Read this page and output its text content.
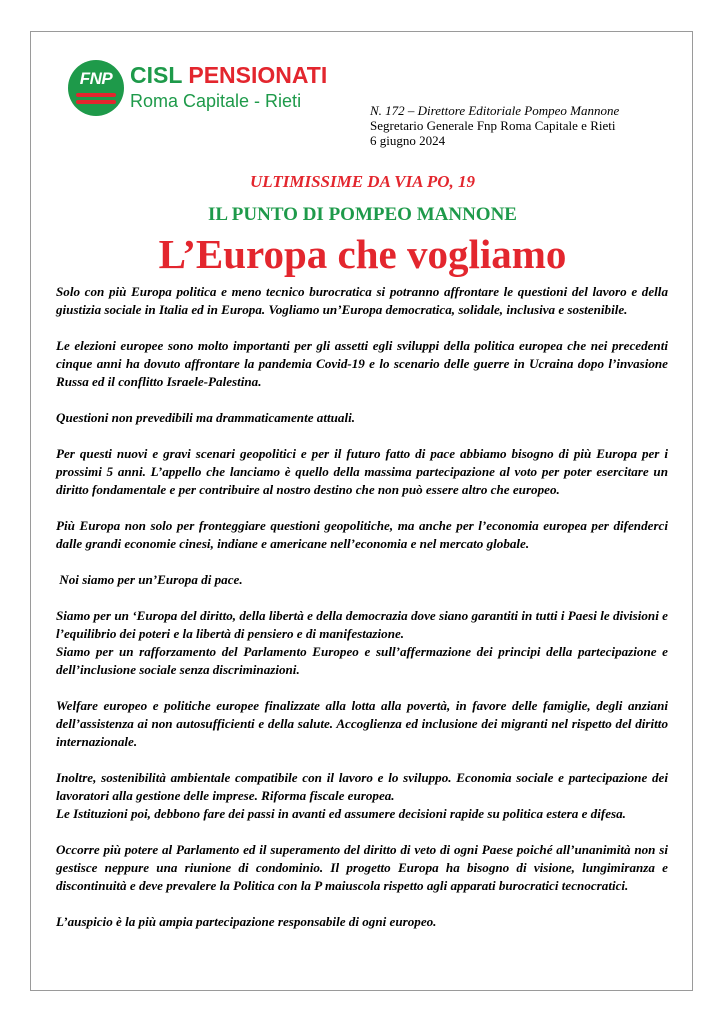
FNP CISL PENSIONATI
Roma Capitale - Rieti	N. 172 – Direttore Editoriale Pompeo Mannone
Segretario Generale Fnp Roma Capitale e Rieti
6 giugno 2024
ULTIMISSIME DA VIA PO, 19
IL PUNTO DI POMPEO MANNONE
L’Europa che vogliamo

Solo con più Europa politica e meno tecnico burocratica si potranno affrontare le questioni del lavoro e della giustizia sociale in Italia ed in Europa. Vogliamo un’Europa democratica, solidale, inclusiva e sostenibile.

Le elezioni europee sono molto importanti per gli assetti egli sviluppi della politica europea che nei precedenti cinque anni ha dovuto affrontare la pandemia Covid-19 e lo scenario delle guerre in Ucraina dopo l’invasione Russa ed il conflitto Israele-Palestina.

Questioni non prevedibili ma drammaticamente attuali.

Per questi nuovi e gravi scenari geopolitici e per il futuro fatto di pace abbiamo bisogno di più Europa per i prossimi 5 anni. L’appello che lanciamo è quello della massima partecipazione al voto per poter esercitare un diritto fondamentale e per contribuire al nostro destino che non può essere altro che europeo.

Più Europa non solo per fronteggiare questioni geopolitiche, ma anche per l’economia europea per difenderci dalle grandi economie cinesi, indiane e americane nell’economia e nel mercato globale.

Noi siamo per un’Europa di pace.

Siamo per un ‘Europa del diritto, della libertà e della democrazia dove siano garantiti in tutti i Paesi le divisioni e l’equilibrio dei poteri e la libertà di pensiero e di manifestazione.

Siamo per un rafforzamento del Parlamento Europeo e sull’affermazione dei principi della partecipazione e dell’inclusione sociale senza discriminazioni.

Welfare europeo e politiche europee finalizzate alla lotta alla povertà, in favore delle famiglie, degli anziani dell’assistenza ai non autosufficienti e della salute. Accoglienza ed inclusione dei migranti nel rispetto del diritto internazionale.

Inoltre, sostenibilità ambientale compatibile con il lavoro e lo sviluppo. Economia sociale e partecipazione dei lavoratori alla gestione delle imprese. Riforma fiscale europea.

Le Istituzioni poi, debbono fare dei passi in avanti ed assumere decisioni rapide su politica estera e difesa.

Occorre più potere al Parlamento ed il superamento del diritto di veto di ogni Paese poiché all’unanimità non si gestisce neppure una riunione di condominio. Il progetto Europa ha bisogno di visione, lungimiranza e discontinuità e deve prevalere la Politica con la P maiuscola rispetto agli apparati burocratici tecnocratici.

L’auspicio è la più ampia partecipazione responsabile di ogni europeo.
